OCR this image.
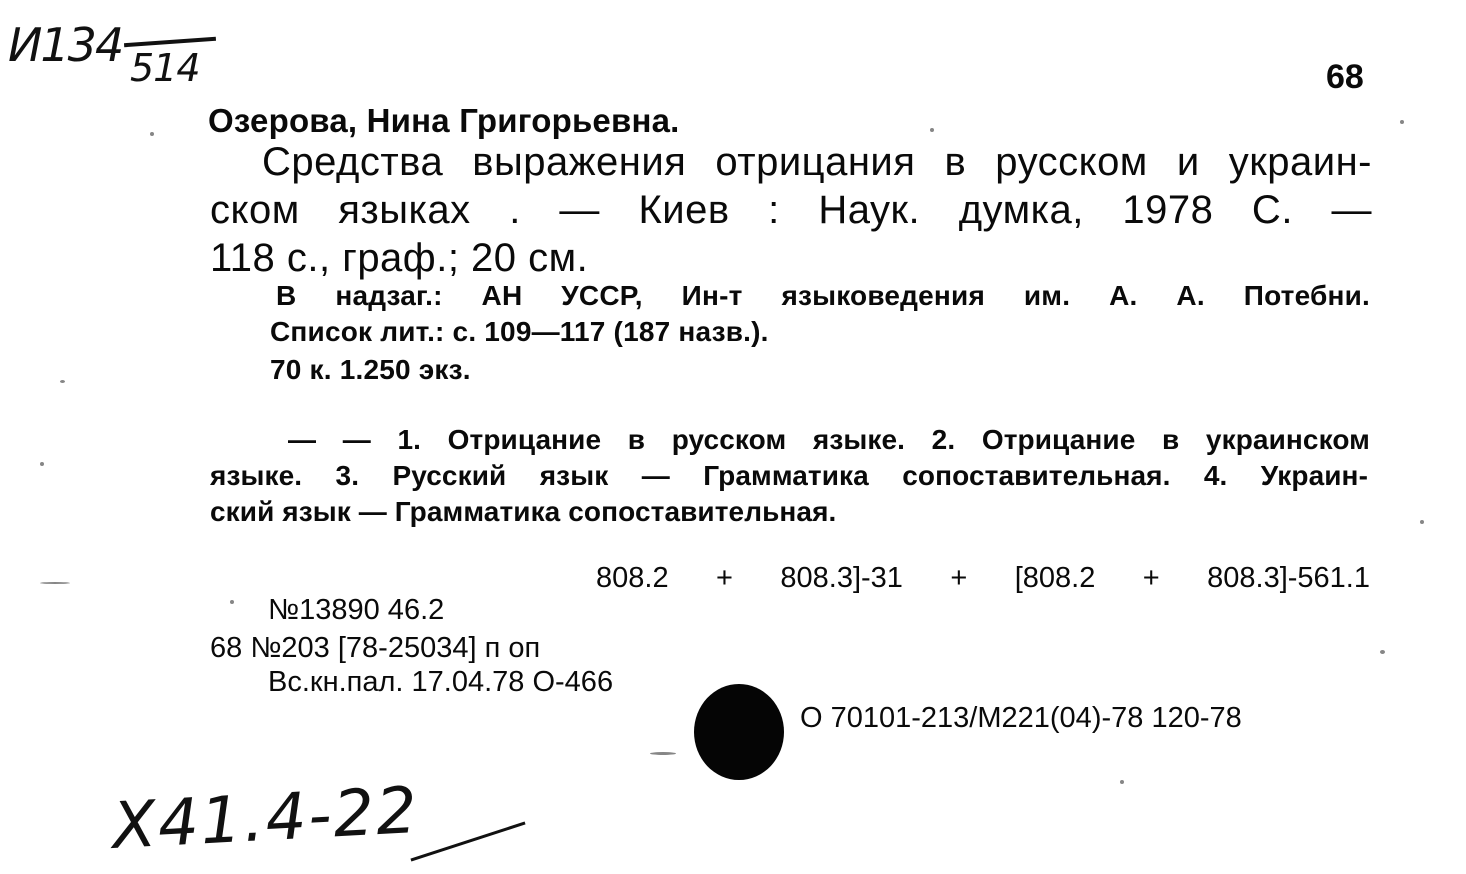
И134 514	68
Озерова, Нина Григорьевна.
Средства выражения отрицания в русском и украин-
ском языках . — Киев : Наук. думка, 1978 С. —
118 с., граф.; 20 см.
В надзаг.: АН УССР, Ин-т языковедения им. А. А. Потебни.
Список лит.: с. 109—117 (187 назв.).
70 к. 1.250 экз.
— — 1. Отрицание в русском языке. 2. Отрицание в украинском
языке. 3. Русский язык — Грамматика сопоставительная. 4. Украин-
ский язык — Грамматика сопоставительная.
808.2 + 808.3]-31 + [808.2 + 808.3]-561.1
№13890 46.2
68 №203 [78-25034] п оп
Вс.кн.пал. 17.04.78 О-466
О 70101-213/М221(04)-78 120-78
Х41.4-22
